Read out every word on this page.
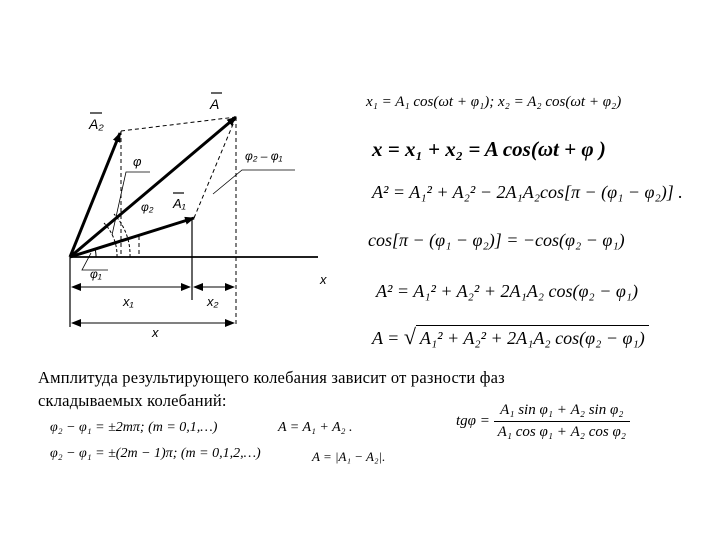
A
A₂
A₁
φ
φ₂
φ₁
φ₂ – φ₁
x
x₁	x₂
x
x₁ = A₁ cos(ωt + φ₁); x₂ = A₂ cos(ωt + φ₂)
x = x₁ + x₂ = A cos(ωt + φ )
A² = A₁² + A₂² − 2A₁A₂cos[π − (φ₁ − φ₂)] .
cos[π − (φ₁ − φ₂)] = −cos(φ₂ − φ₁)
A² = A₁² + A₂² + 2A₁A₂ cos(φ₂ − φ₁)
A = √ A₁² + A₂² + 2A₁A₂ cos(φ₂ − φ₁)
Амплитуда результирующего колебания зависит от разности фаз
складываемых колебаний:
$tg\varphi = \frac{\text{A₁ sin φ₁ + A₂ sin φ₂}}{\text{A₁ cos φ₁ + A₂ cos φ₂}}$
φ₂ − φ₁ = ±2mπ; (m = 0,1,…)	A = A₁ + A₂ .
φ₂ − φ₁ = ±(2m − 1)π; (m = 0,1,2,…)	A = |A₁ − A₂|.
